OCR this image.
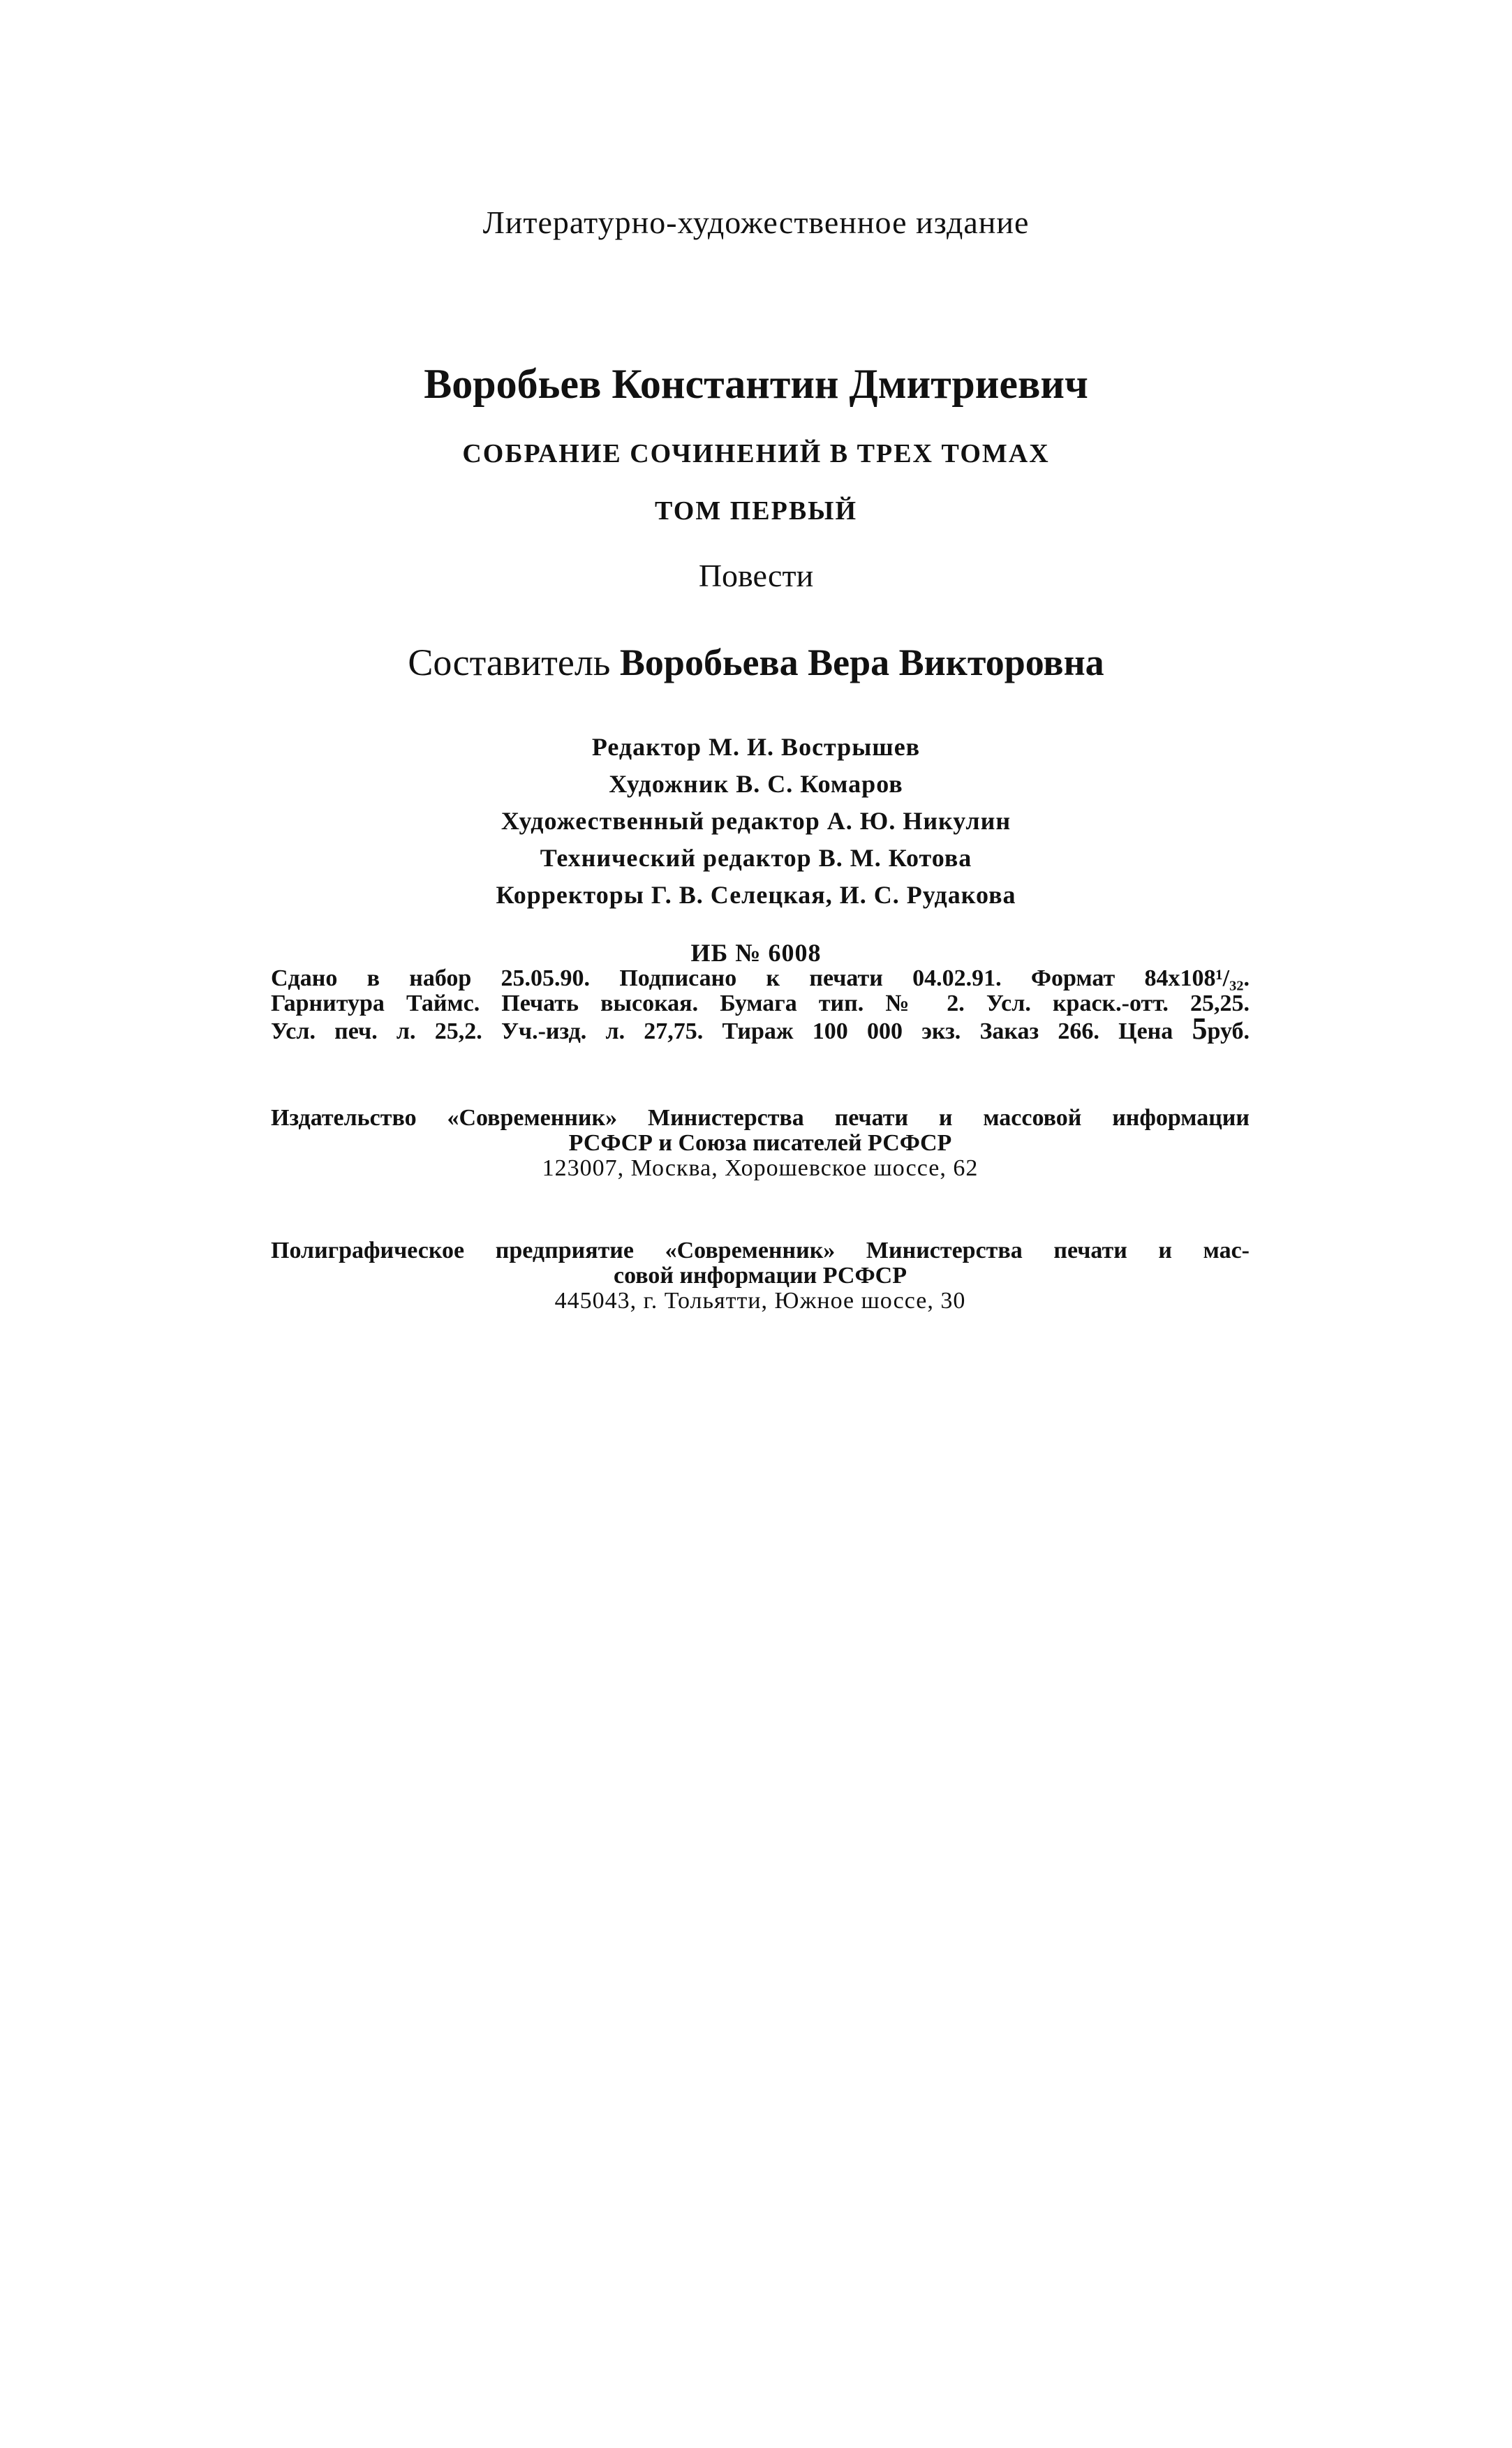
Литературно-художественное издание

Воробьев Константин Дмитриевич

СОБРАНИЕ СОЧИНЕНИЙ В ТРЕХ ТОМАХ

ТОМ ПЕРВЫЙ

Повести

Составитель Воробьева Вера Викторовна

Редактор М. И. Вострышев
Художник В. С. Комаров
Художественный редактор А. Ю. Никулин
Технический редактор В. М. Котова
Корректоры Г. В. Селецкая, И. С. Рудакова

ИБ № 6008

Сдано в набор 25.05.90. Подписано к печати 04.02.91. Формат 84x108¹/₃₂.
Гарнитура Таймс. Печать высокая. Бумага тип. № 2. Усл. краск.-отт. 25,25.
Усл. печ. л. 25,2. Уч.-изд. л. 27,75. Тираж 100 000 экз. Заказ 266. Цена 5руб.
Издательство «Современник» Министерства печати и массовой информации
РСФСР и Союза писателей РСФСР
123007, Москва, Хорошевское шоссе, 62
Полиграфическое предприятие «Современник» Министерства печати и мас-
совой информации РСФСР
445043, г. Тольятти, Южное шоссе, 30
